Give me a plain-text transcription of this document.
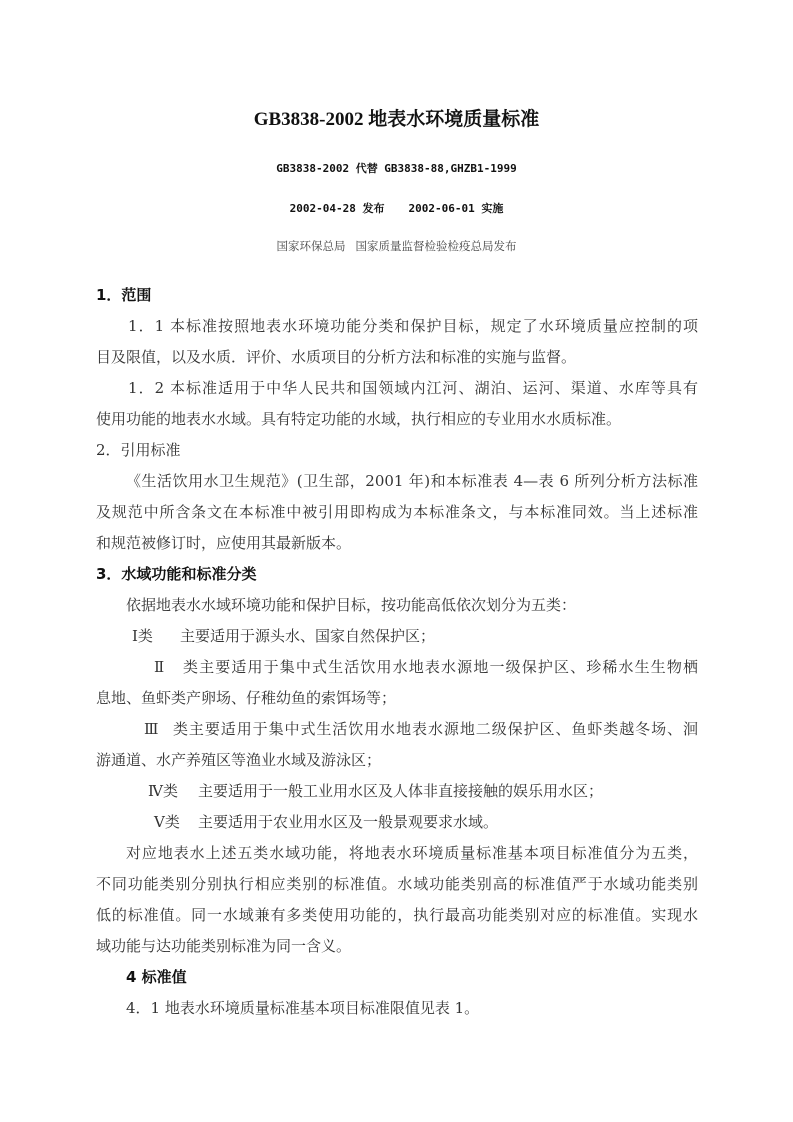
GB3838-2002 地表水环境质量标准
GB3838-2002 代替 GB3838-88,GHZB1-1999
2002-04-28 发布 2002-06-01 实施
国家环保总局 国家质量监督检验检疫总局发布
1．范围
1．1 本标准按照地表水环境功能分类和保护目标，规定了水环境质量应控制的项
目及限值，以及水质．评价、水质项目的分析方法和标准的实施与监督。
1．2 本标准适用于中华人民共和国领域内江河、湖泊、运河、渠道、水库等具有
使用功能的地表水水域。具有特定功能的水域，执行相应的专业用水水质标准。
2．引用标准
《生活饮用水卫生规范》(卫生部，2001 年)和本标准表 4—表 6 所列分析方法标准
及规范中所含条文在本标准中被引用即构成为本标准条文，与本标准同效。当上述标准
和规范被修订时，应使用其最新版本。
3．水域功能和标准分类
依据地表水水域环境功能和保护目标，按功能高低依次划分为五类：
Ⅰ类 主要适用于源头水、国家自然保护区；
Ⅱ类主要适用于集中式生活饮用水地表水源地一级保护区、珍稀水生生物栖
息地、鱼虾类产卵场、仔稚幼鱼的索饵场等；
Ⅲ类主要适用于集中式生活饮用水地表水源地二级保护区、鱼虾类越冬场、洄
游通道、水产养殖区等渔业水域及游泳区；
Ⅳ类 主要适用于一般工业用水区及人体非直接接触的娱乐用水区；
Ⅴ类 主要适用于农业用水区及一般景观要求水域。
对应地表水上述五类水域功能，将地表水环境质量标准基本项目标准值分为五类，
不同功能类别分别执行相应类别的标准值。水域功能类别高的标准值严于水域功能类别
低的标准值。同一水域兼有多类使用功能的，执行最高功能类别对应的标准值。实现水
域功能与达功能类别标准为同一含义。
4 标准值
4．1 地表水环境质量标准基本项目标准限值见表 1。
